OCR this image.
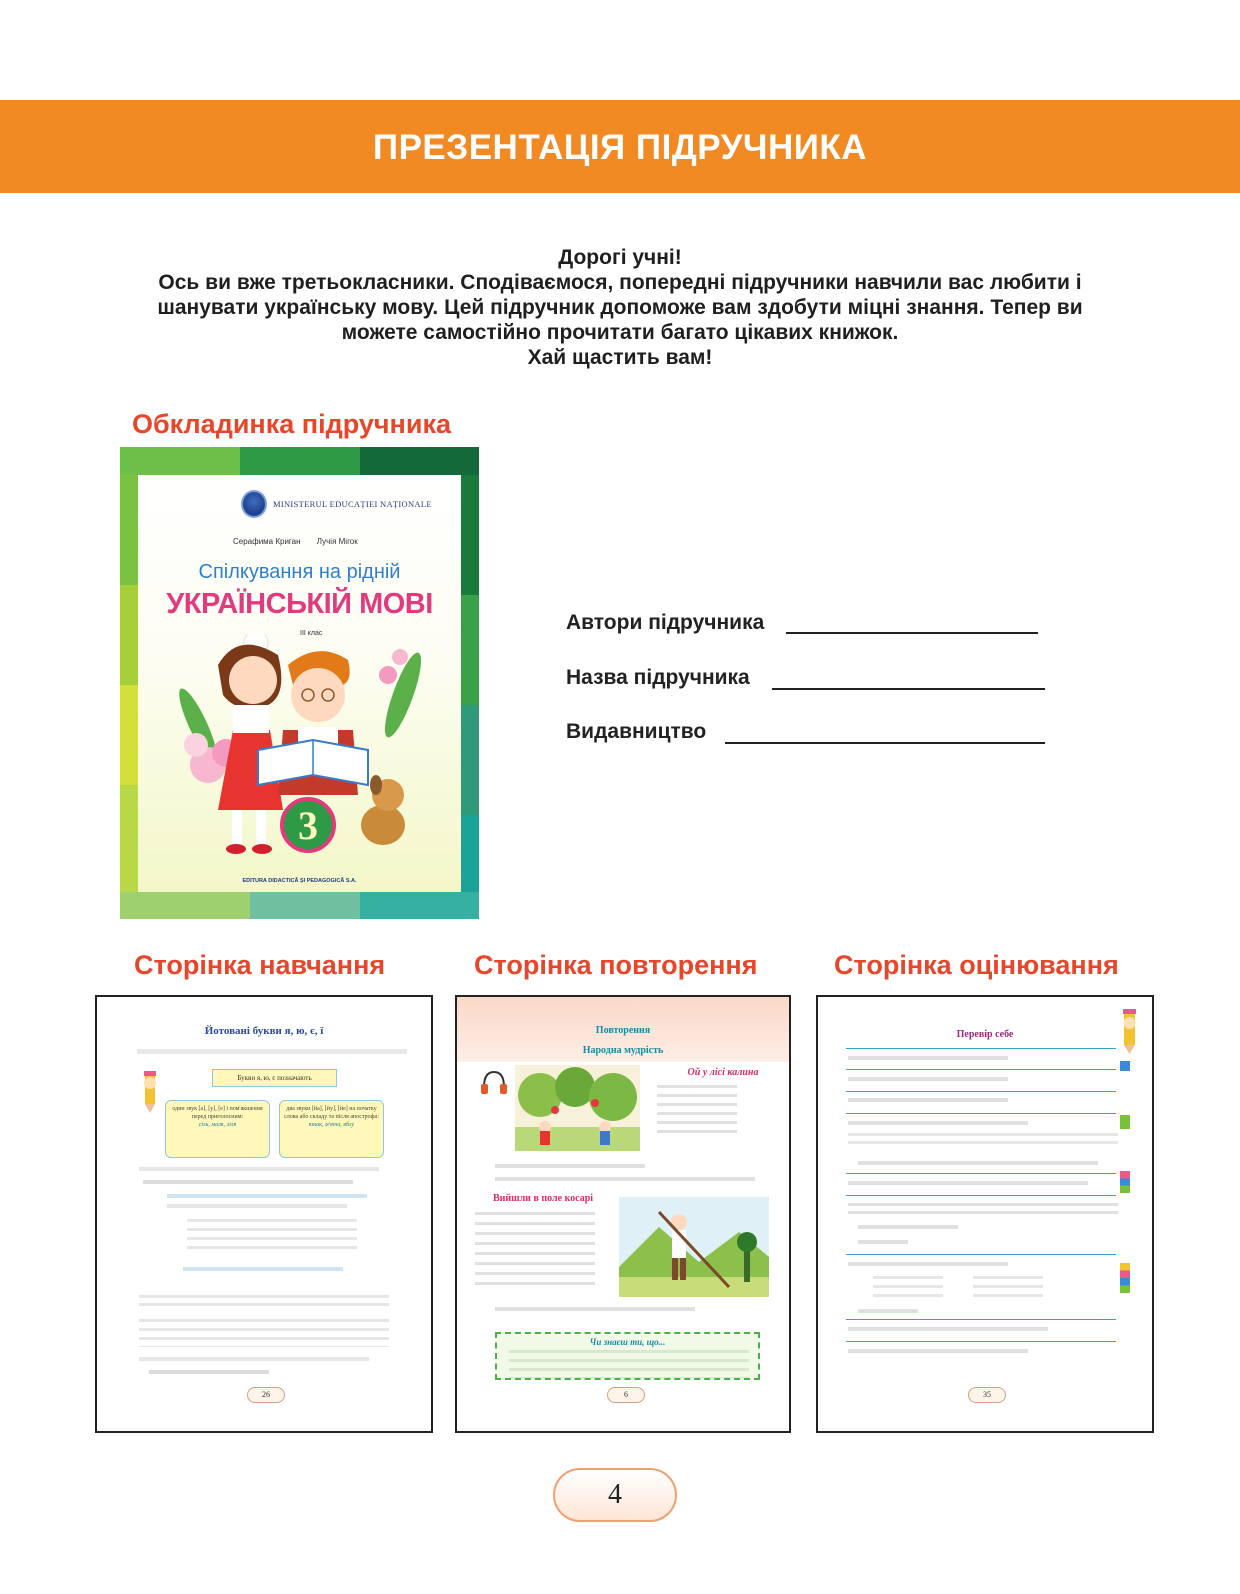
ПРЕЗЕНТАЦІЯ ПІДРУЧНИКА
Дорогі учні!
Ось ви вже третьокласники. Сподіваємося, попередні підручники навчили вас любити і
шанувати українську мову. Цей підручник допоможе вам здобути міцні знання. Тепер ви
можете самостійно прочитати багато цікавих книжок.
Хай щастить вам!
Обкладинка підручника
MINISTERUL EDUCAȚIEI NAȚIONALE
Серафима Криган Лучія Мігок
Спілкування на рідній
УКРАЇНСЬКІЙ МОВІ
III клас
3
EDITURA DIDACTICĂ ȘI PEDAGOGICĂ S.A.
Автори підручника
Назва підручника
Видавництво
Сторінка навчання	Сторінка повторення	Сторінка оцінювання
Йотовані букви я, ю, є, ї
Букви я, ю, є позначають
один звук [а], [у], [е] і пом'якшення перед приголосним:
сіль, маля, ліля
два звуки [йа], [йу], [йе] на початку слова або складу та після апострофа:
юнак, м'ята, яблу
26
Повторення
Народна мудрість
Ой у лісі калина
Вийшли в поле косарі
Чи знаєш ти, що...
6
Перевір себе
35
4
